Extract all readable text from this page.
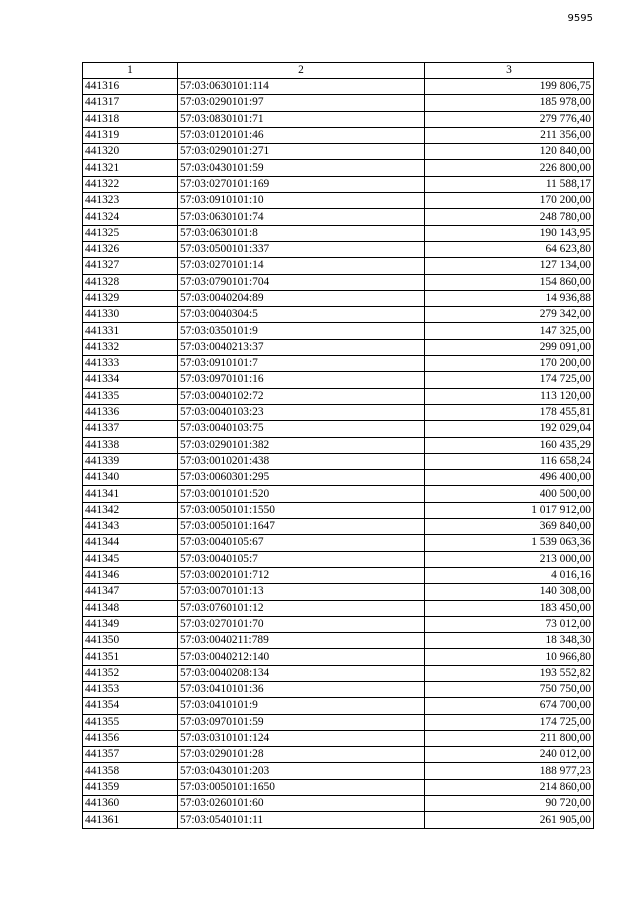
9595
1	2	3
441316	57:03:0630101:114	199 806,75
441317	57:03:0290101:97	185 978,00
441318	57:03:0830101:71	279 776,40
441319	57:03:0120101:46	211 356,00
441320	57:03:0290101:271	120 840,00
441321	57:03:0430101:59	226 800,00
441322	57:03:0270101:169	11 588,17
441323	57:03:0910101:10	170 200,00
441324	57:03:0630101:74	248 780,00
441325	57:03:0630101:8	190 143,95
441326	57:03:0500101:337	64 623,80
441327	57:03:0270101:14	127 134,00
441328	57:03:0790101:704	154 860,00
441329	57:03:0040204:89	14 936,88
441330	57:03:0040304:5	279 342,00
441331	57:03:0350101:9	147 325,00
441332	57:03:0040213:37	299 091,00
441333	57:03:0910101:7	170 200,00
441334	57:03:0970101:16	174 725,00
441335	57:03:0040102:72	113 120,00
441336	57:03:0040103:23	178 455,81
441337	57:03:0040103:75	192 029,04
441338	57:03:0290101:382	160 435,29
441339	57:03:0010201:438	116 658,24
441340	57:03:0060301:295	496 400,00
441341	57:03:0010101:520	400 500,00
441342	57:03:0050101:1550	1 017 912,00
441343	57:03:0050101:1647	369 840,00
441344	57:03:0040105:67	1 539 063,36
441345	57:03:0040105:7	213 000,00
441346	57:03:0020101:712	4 016,16
441347	57:03:0070101:13	140 308,00
441348	57:03:0760101:12	183 450,00
441349	57:03:0270101:70	73 012,00
441350	57:03:0040211:789	18 348,30
441351	57:03:0040212:140	10 966,80
441352	57:03:0040208:134	193 552,82
441353	57:03:0410101:36	750 750,00
441354	57:03:0410101:9	674 700,00
441355	57:03:0970101:59	174 725,00
441356	57:03:0310101:124	211 800,00
441357	57:03:0290101:28	240 012,00
441358	57:03:0430101:203	188 977,23
441359	57:03:0050101:1650	214 860,00
441360	57:03:0260101:60	90 720,00
441361	57:03:0540101:11	261 905,00
